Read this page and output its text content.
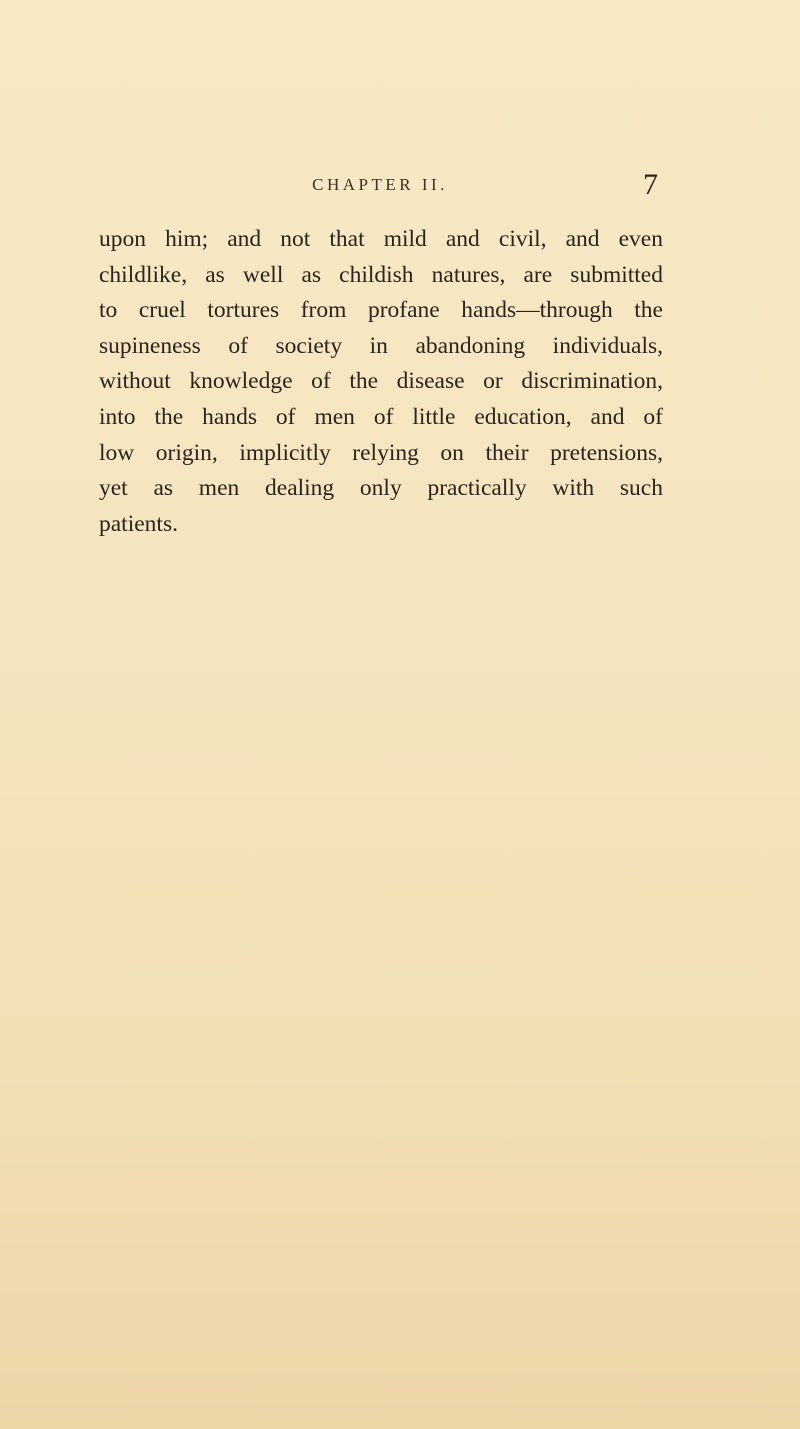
CHAPTER II.	7
upon him; and not that mild and civil, and even
childlike, as well as childish natures, are submitted
to cruel tortures from profane hands—through the
supineness of society in abandoning individuals,
without knowledge of the disease or discrimination,
into the hands of men of little education, and of
low origin, implicitly relying on their pretensions,
yet as men dealing only practically with such
patients.
